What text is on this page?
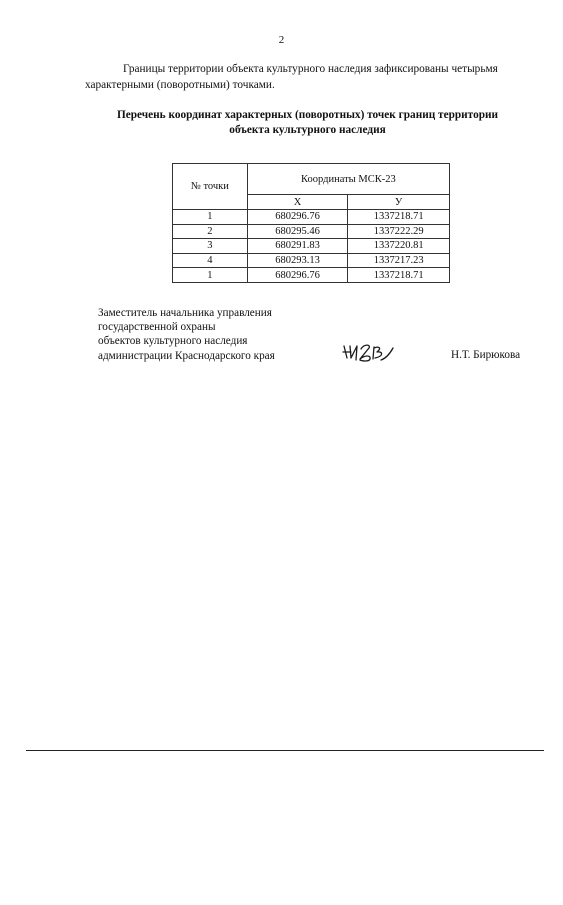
2

Границы территории объекта культурного наследия зафиксированы четырьмя характерными (поворотными) точками.

Перечень координат характерных (поворотных) точек границ территории
объекта культурного наследия
№ точки	Координаты МСК-23	
	X	У
1	680296.76	1337218.71
2	680295.46	1337222.29
3	680291.83	1337220.81
4	680293.13	1337217.23
1	680296.76	1337218.71
Заместитель начальника управления
государственной охраны
объектов культурного наследия
администрации Краснодарского края	Н.Т. Бирюкова
